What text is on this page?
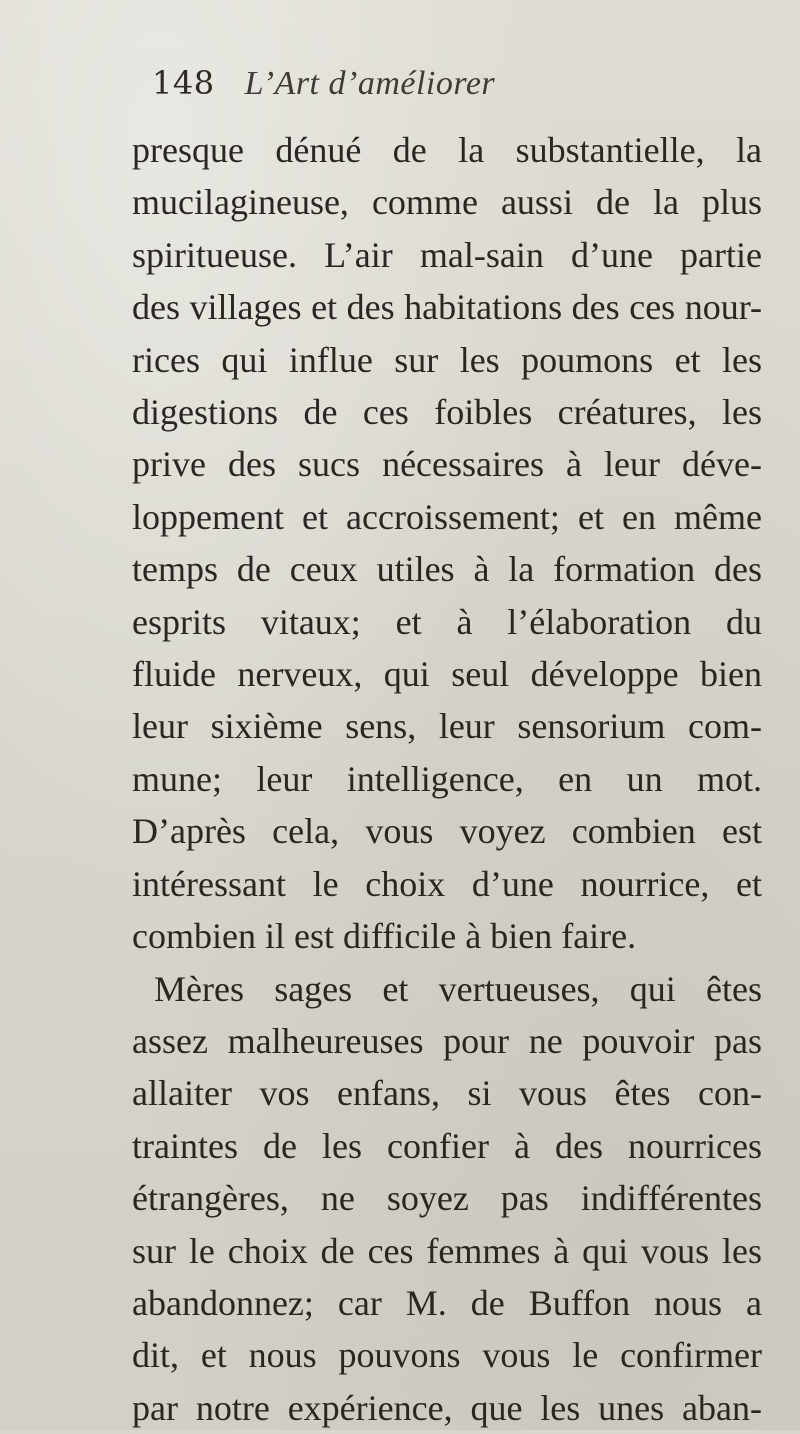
148 L’Art d’améliorer
presque dénué de la substantielle, la
mucilagineuse, comme aussi de la plus
spiritueuse. L’air mal-sain d’une partie
des villages et des habitations des ces nour-
rices qui influe sur les poumons et les
digestions de ces foibles créatures, les
prive des sucs nécessaires à leur déve-
loppement et accroissement; et en même
temps de ceux utiles à la formation des
esprits vitaux; et à l’élaboration du
fluide nerveux, qui seul développe bien
leur sixième sens, leur sensorium com-
mune; leur intelligence, en un mot.
D’après cela, vous voyez combien est
intéressant le choix d’une nourrice, et
combien il est difficile à bien faire.
Mères sages et vertueuses, qui êtes
assez malheureuses pour ne pouvoir pas
allaiter vos enfans, si vous êtes con-
traintes de les confier à des nourrices
étrangères, ne soyez pas indifférentes
sur le choix de ces femmes à qui vous les
abandonnez; car M. de Buffon nous a
dit, et nous pouvons vous le confirmer
par notre expérience, que les unes aban-
